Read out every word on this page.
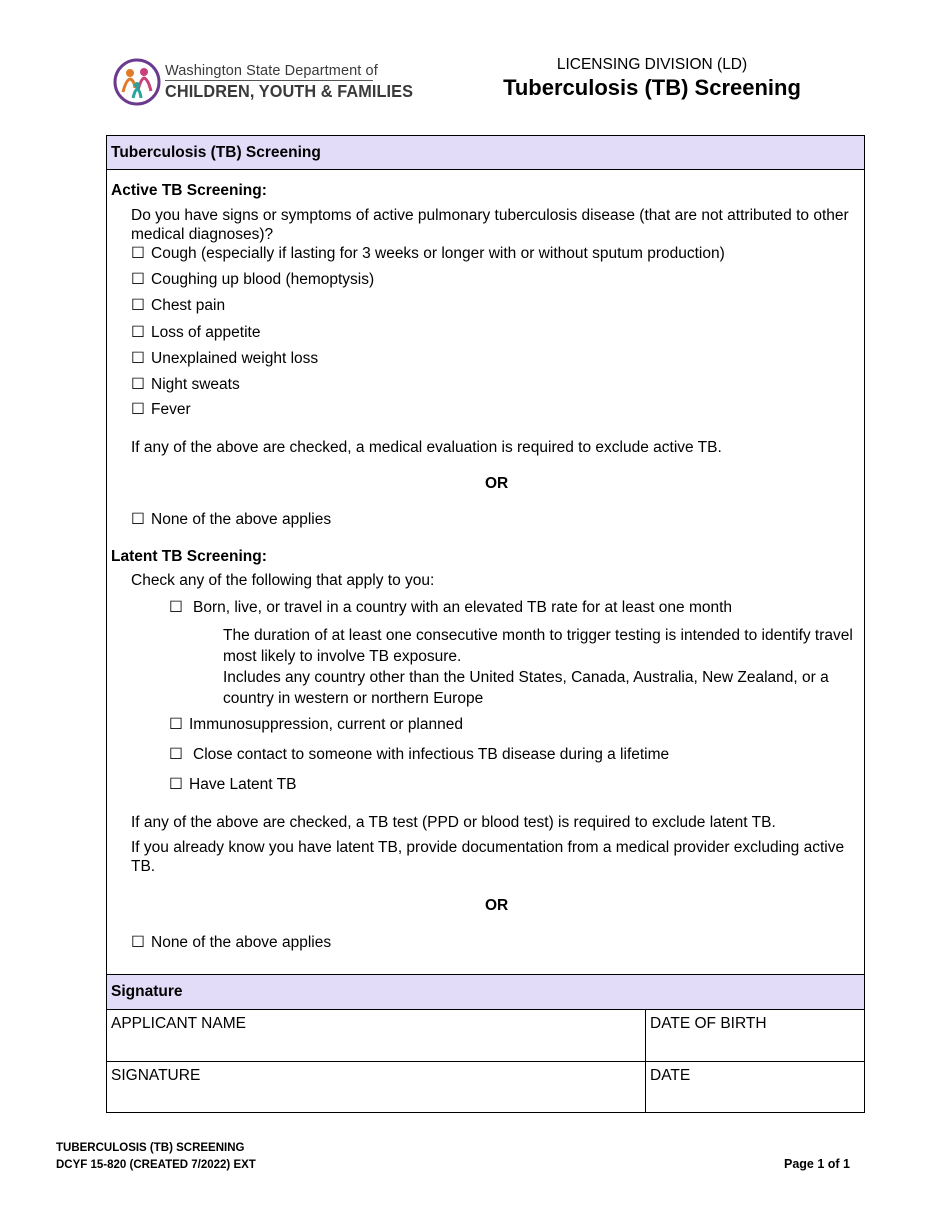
Washington State Department of
CHILDREN, YOUTH & FAMILIES
LICENSING DIVISION (LD)
Tuberculosis (TB) Screening
Tuberculosis (TB) Screening
Active TB Screening:
Do you have signs or symptoms of active pulmonary tuberculosis disease (that are not attributed to other medical diagnoses)?
☐ Cough (especially if lasting for 3 weeks or longer with or without sputum production)
☐ Coughing up blood (hemoptysis)
☐ Chest pain
☐ Loss of appetite
☐ Unexplained weight loss
☐ Night sweats
☐ Fever
If any of the above are checked, a medical evaluation is required to exclude active TB.
OR
☐ None of the above applies
Latent TB Screening:
Check any of the following that apply to you:
☐ Born, live, or travel in a country with an elevated TB rate for at least one month
The duration of at least one consecutive month to trigger testing is intended to identify travel most likely to involve TB exposure.
Includes any country other than the United States, Canada, Australia, New Zealand, or a country in western or northern Europe
☐ Immunosuppression, current or planned
☐ Close contact to someone with infectious TB disease during a lifetime
☐ Have Latent TB
If any of the above are checked, a TB test (PPD or blood test) is required to exclude latent TB.
If you already know you have latent TB, provide documentation from a medical provider excluding active TB.
OR
☐ None of the above applies
Signature
APPLICANT NAME	DATE OF BIRTH
SIGNATURE	DATE
TUBERCULOSIS (TB) SCREENING
DCYF 15-820 (CREATED 7/2022) EXT	Page 1 of 1
